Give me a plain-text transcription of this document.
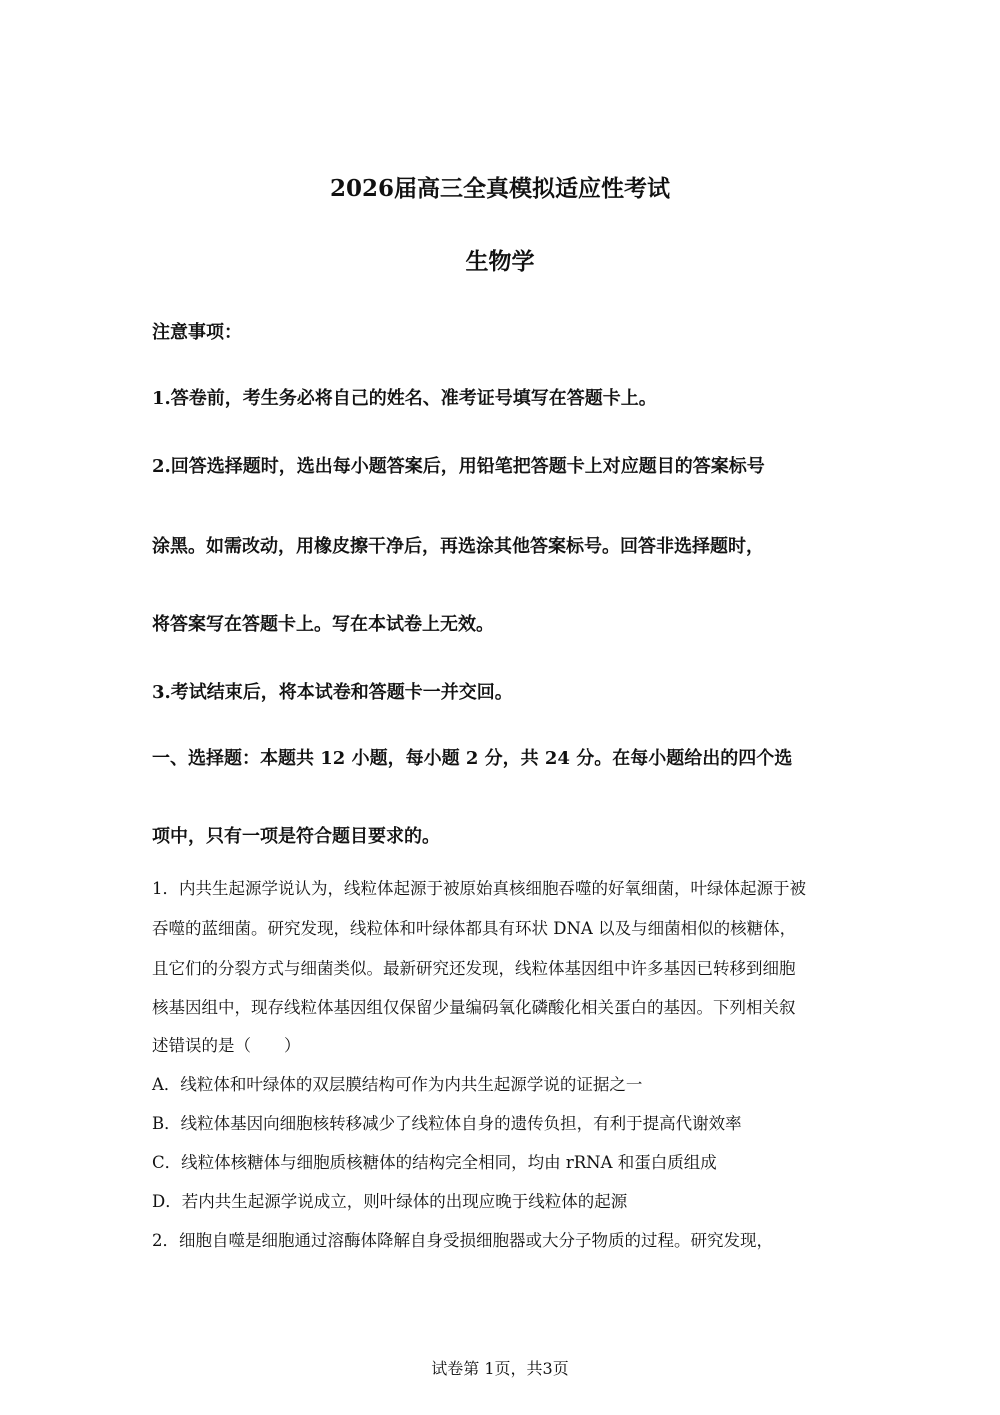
2026届高三全真模拟适应性考试
生物学
注意事项：
1.答卷前，考生务必将自己的姓名、准考证号填写在答题卡上。
2.回答选择题时，选出每小题答案后，用铅笔把答题卡上对应题目的答案标号
涂黑。如需改动，用橡皮擦干净后，再选涂其他答案标号。回答非选择题时，
将答案写在答题卡上。写在本试卷上无效。
3.考试结束后，将本试卷和答题卡一并交回。
一、选择题：本题共 12 小题，每小题 2 分，共 24 分。在每小题给出的四个选
项中，只有一项是符合题目要求的。
1．内共生起源学说认为，线粒体起源于被原始真核细胞吞噬的好氧细菌，叶绿体起源于被
吞噬的蓝细菌。研究发现，线粒体和叶绿体都具有环状 DNA 以及与细菌相似的核糖体，
且它们的分裂方式与细菌类似。最新研究还发现，线粒体基因组中许多基因已转移到细胞
核基因组中，现存线粒体基因组仅保留少量编码氧化磷酸化相关蛋白的基因。下列相关叙
述错误的是（　　）
A．线粒体和叶绿体的双层膜结构可作为内共生起源学说的证据之一
B．线粒体基因向细胞核转移减少了线粒体自身的遗传负担，有利于提高代谢效率
C．线粒体核糖体与细胞质核糖体的结构完全相同，均由 rRNA 和蛋白质组成
D．若内共生起源学说成立，则叶绿体的出现应晚于线粒体的起源
2．细胞自噬是细胞通过溶酶体降解自身受损细胞器或大分子物质的过程。研究发现，
试卷第 1页，共3页
